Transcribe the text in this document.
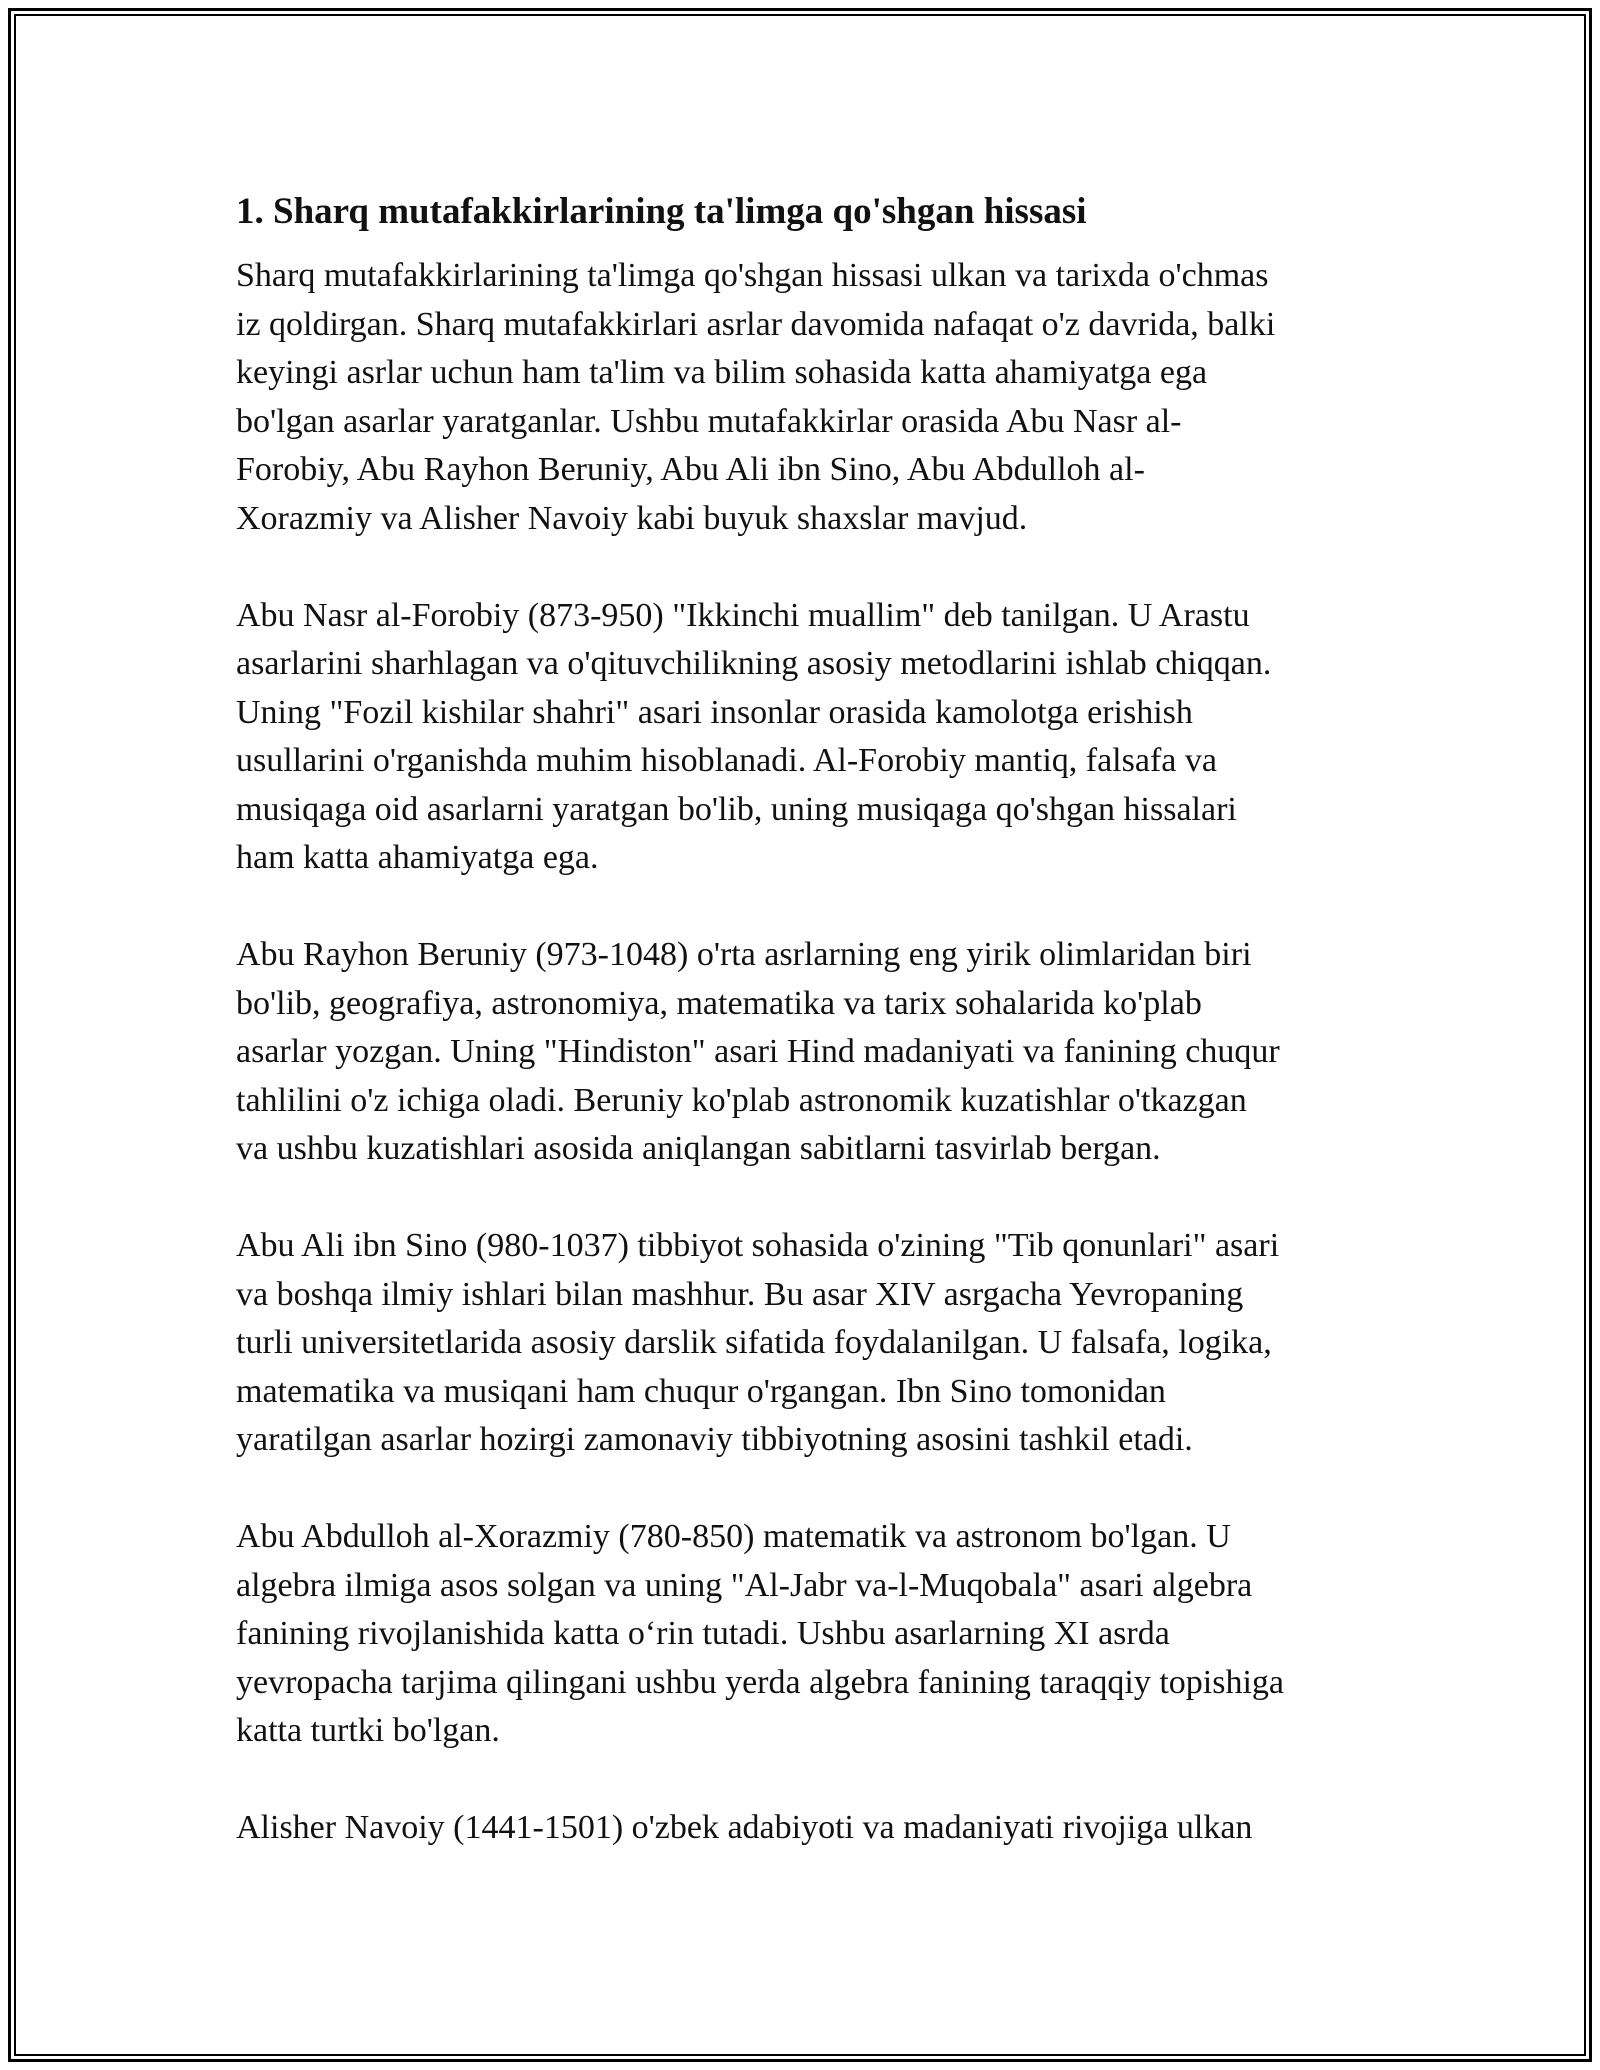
1. Sharq mutafakkirlarining ta'limga qo'shgan hissasi

Sharq mutafakkirlarining ta'limga qo'shgan hissasi ulkan va tarixda o'chmas
iz qoldirgan. Sharq mutafakkirlari asrlar davomida nafaqat o'z davrida, balki
keyingi asrlar uchun ham ta'lim va bilim sohasida katta ahamiyatga ega
bo'lgan asarlar yaratganlar. Ushbu mutafakkirlar orasida Abu Nasr al-
Forobiy, Abu Rayhon Beruniy, Abu Ali ibn Sino, Abu Abdulloh al-
Xorazmiy va Alisher Navoiy kabi buyuk shaxslar mavjud.

Abu Nasr al-Forobiy (873-950) "Ikkinchi muallim" deb tanilgan. U Arastu
asarlarini sharhlagan va o'qituvchilikning asosiy metodlarini ishlab chiqqan.
Uning "Fozil kishilar shahri" asari insonlar orasida kamolotga erishish
usullarini o'rganishda muhim hisoblanadi. Al-Forobiy mantiq, falsafa va
musiqaga oid asarlarni yaratgan bo'lib, uning musiqaga qo'shgan hissalari
ham katta ahamiyatga ega.

Abu Rayhon Beruniy (973-1048) o'rta asrlarning eng yirik olimlaridan biri
bo'lib, geografiya, astronomiya, matematika va tarix sohalarida ko'plab
asarlar yozgan. Uning "Hindiston" asari Hind madaniyati va fanining chuqur
tahlilini o'z ichiga oladi. Beruniy ko'plab astronomik kuzatishlar o'tkazgan
va ushbu kuzatishlari asosida aniqlangan sabitlarni tasvirlab bergan.

Abu Ali ibn Sino (980-1037) tibbiyot sohasida o'zining "Tib qonunlari" asari
va boshqa ilmiy ishlari bilan mashhur. Bu asar XIV asrgacha Yevropaning
turli universitetlarida asosiy darslik sifatida foydalanilgan. U falsafa, logika,
matematika va musiqani ham chuqur o'rgangan. Ibn Sino tomonidan
yaratilgan asarlar hozirgi zamonaviy tibbiyotning asosini tashkil etadi.

Abu Abdulloh al-Xorazmiy (780-850) matematik va astronom bo'lgan. U
algebra ilmiga asos solgan va uning "Al-Jabr va-l-Muqobala" asari algebra
fanining rivojlanishida katta o‘rin tutadi. Ushbu asarlarning XI asrda
yevropacha tarjima qilingani ushbu yerda algebra fanining taraqqiy topishiga
katta turtki bo'lgan.

Alisher Navoiy (1441-1501) o'zbek adabiyoti va madaniyati rivojiga ulkan
